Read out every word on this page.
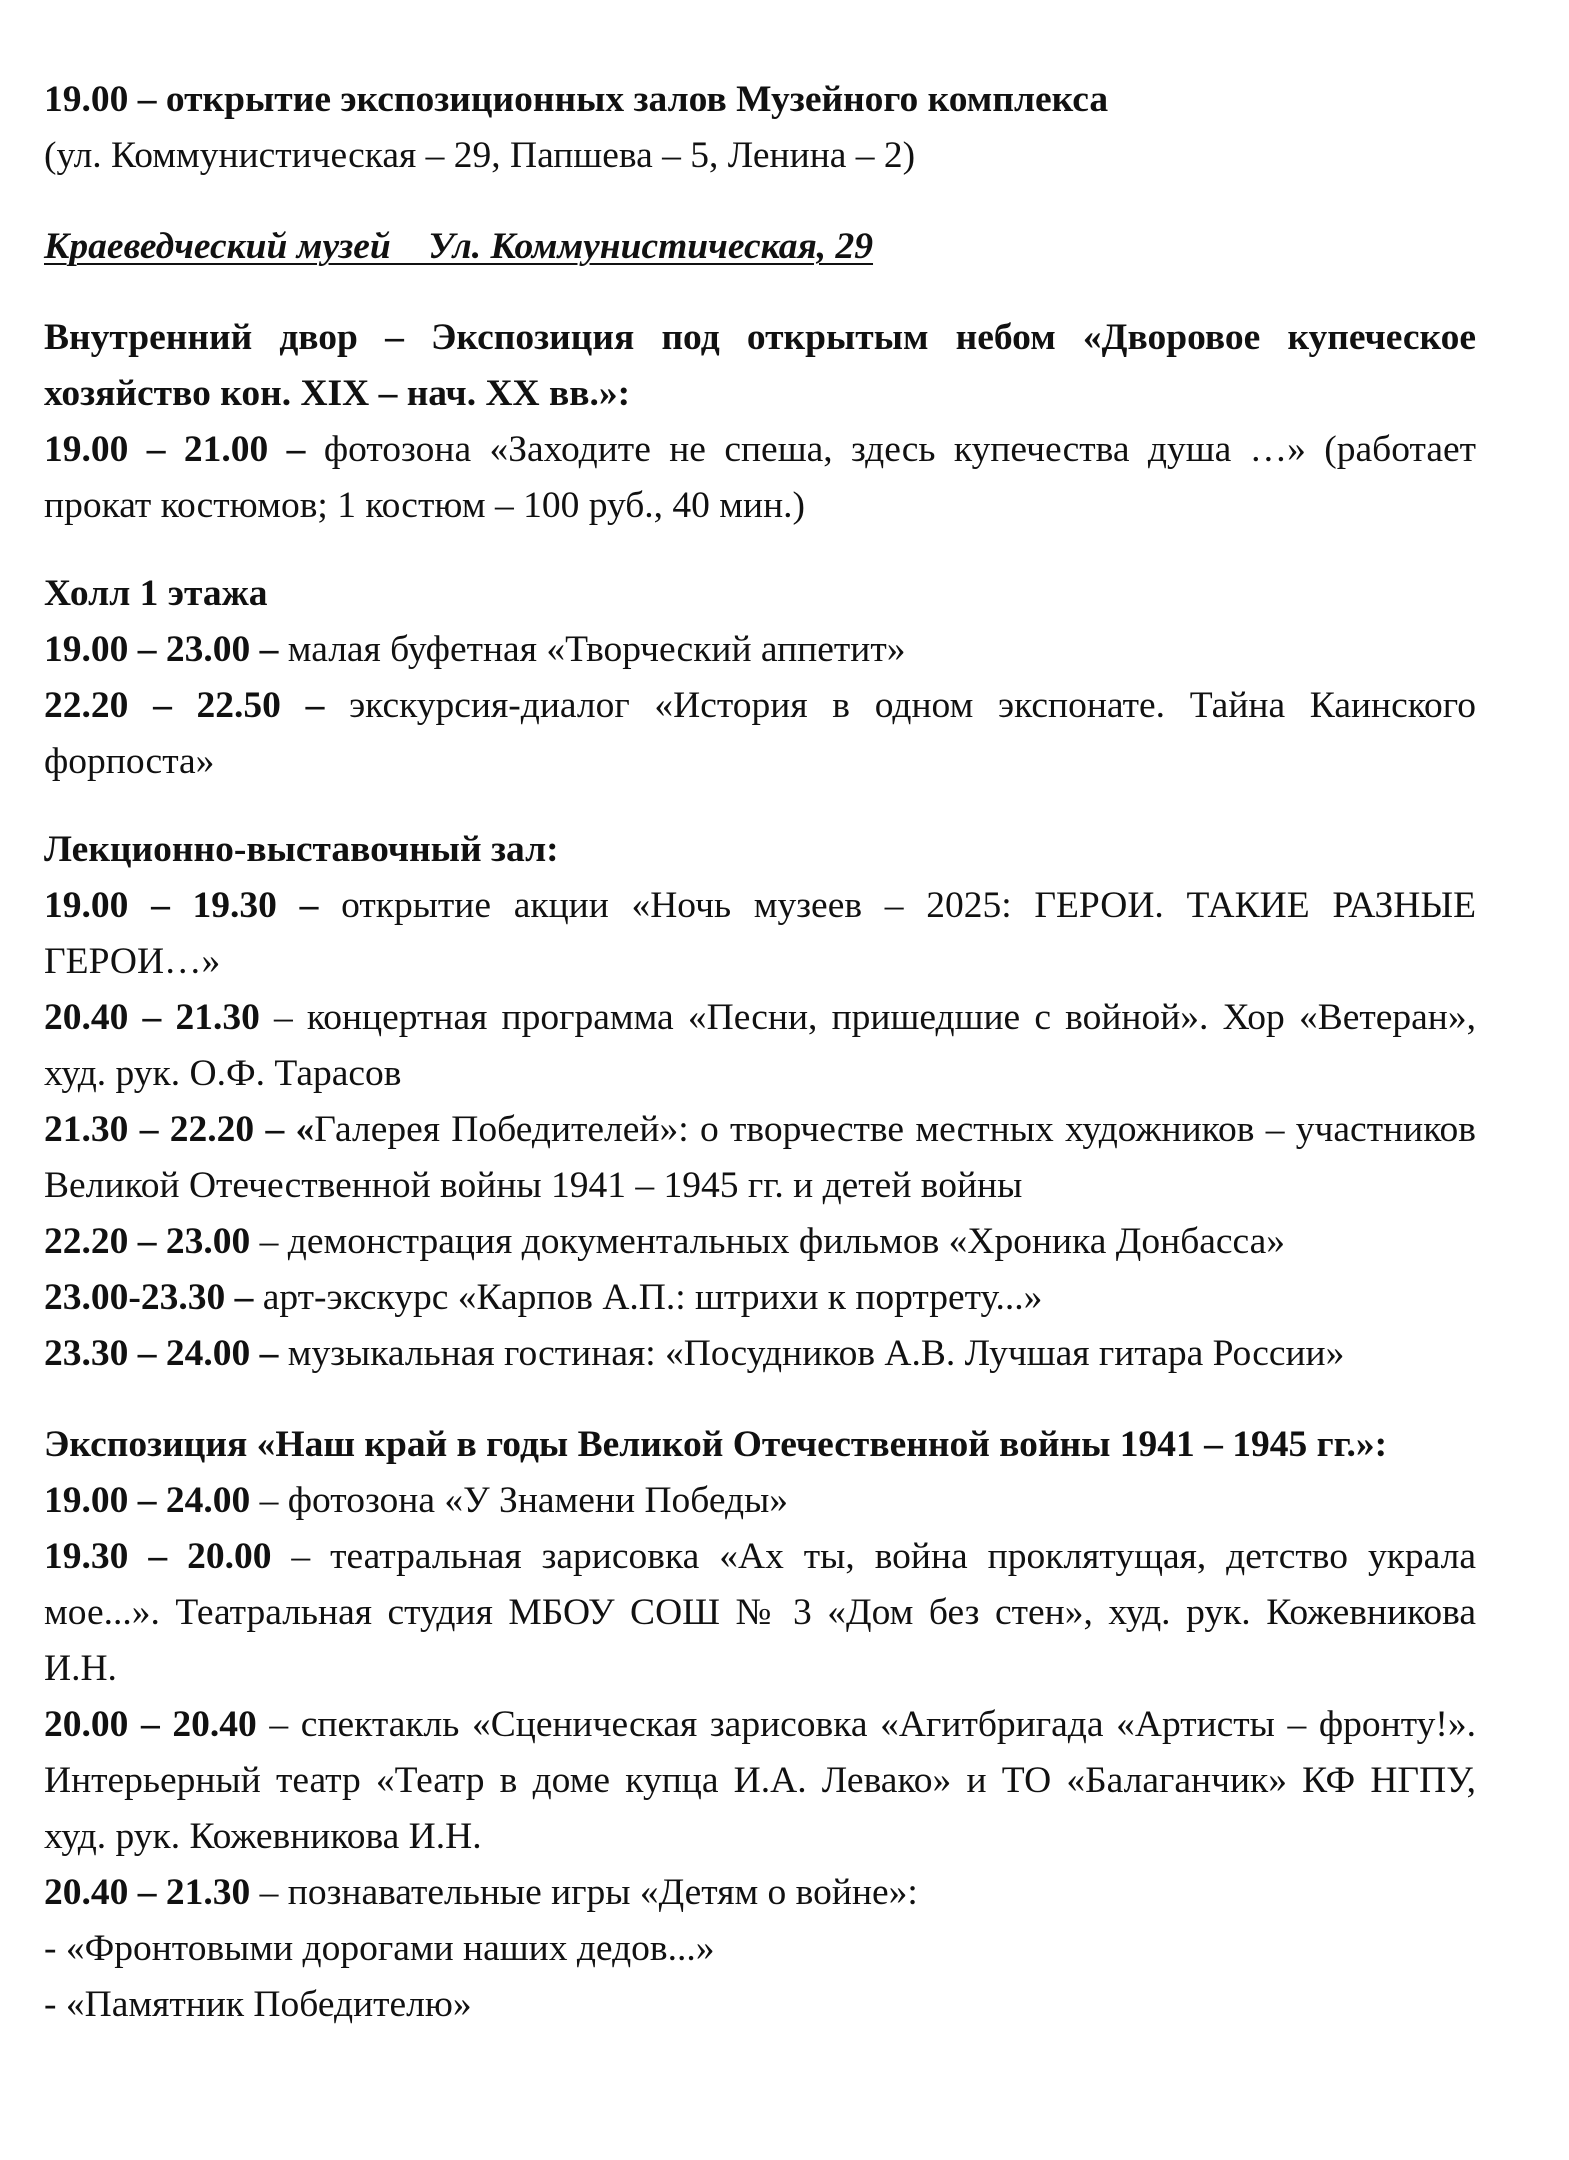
19.00 – открытие экспозиционных залов Музейного комплекса

(ул. Коммунистическая – 29, Папшева – 5, Ленина – 2)

Краеведческий музей    Ул. Коммунистическая, 29

Внутренний двор – Экспозиция под открытым небом «Дворовое купеческое хозяйство кон. XIX – нач. XX вв.»:

19.00 – 21.00 – фотозона «Заходите не спеша, здесь купечества душа …» (работает прокат костюмов; 1 костюм – 100 руб., 40 мин.)

Холл 1 этажа

19.00 – 23.00 – малая буфетная «Творческий аппетит»

22.20 – 22.50 – экскурсия-диалог «История в одном экспонате. Тайна Каинского форпоста»

Лекционно-выставочный зал:

19.00 – 19.30 – открытие акции «Ночь музеев – 2025: ГЕРОИ. ТАКИЕ РАЗНЫЕ ГЕРОИ…»

20.40 – 21.30 – концертная программа «Песни, пришедшие с войной». Хор «Ветеран», худ. рук. О.Ф. Тарасов

21.30 – 22.20 – «Галерея Победителей»: о творчестве местных художников – участников Великой Отечественной войны 1941 – 1945 гг. и детей войны

22.20 – 23.00 – демонстрация документальных фильмов «Хроника Донбасса»

23.00-23.30 – арт-экскурс «Карпов А.П.: штрихи к портрету...»

23.30 – 24.00 – музыкальная гостиная: «Посудников А.В. Лучшая гитара России»

Экспозиция «Наш край в годы Великой Отечественной войны 1941 – 1945 гг.»:

19.00 – 24.00 – фотозона «У Знамени Победы»

19.30 – 20.00 – театральная зарисовка «Ах ты, война проклятущая, детство украла мое...». Театральная студия МБОУ СОШ № 3 «Дом без стен», худ. рук. Кожевникова И.Н.

20.00 – 20.40 – спектакль «Сценическая зарисовка «Агитбригада «Артисты – фронту!». Интерьерный театр «Театр в доме купца И.А. Левако» и ТО «Балаганчик» КФ НГПУ, худ. рук. Кожевникова И.Н.

20.40 – 21.30 – познавательные игры «Детям о войне»:

- «Фронтовыми дорогами наших дедов...»

- «Памятник Победителю»
